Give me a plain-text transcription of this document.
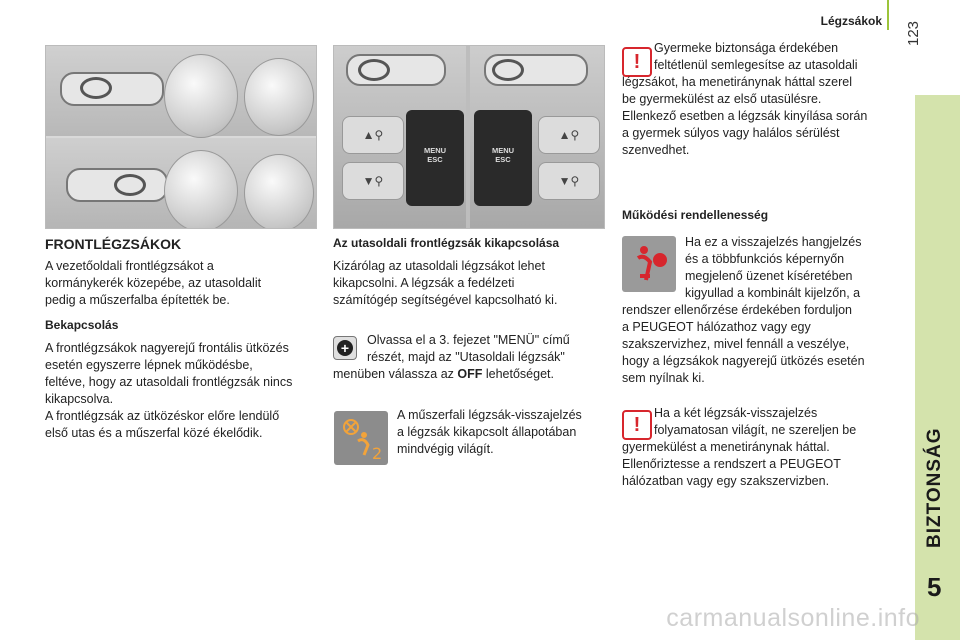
Légzsákok 123
BIZTONSÁG
5
▲⚲
▼⚲
MENU
ESC
MENU
ESC
▲⚲
▼⚲
FRONTLÉGZSÁKOK

A vezetőoldali frontlégzsákot a

kormánykerék közepébe, az utasoldalit

pedig a műszerfalba építették be.

Bekapcsolás

A frontlégzsákok nagyerejű frontális ütközés

esetén egyszerre lépnek működésbe,

feltéve, hogy az utasoldali frontlégzsák nincs

kikapcsolva.

A frontlégzsák az ütközéskor előre lendülő

első utas és a műszerfal közé ékelődik.

Az utasoldali frontlégzsák kikapcsolása

Kizárólag az utasoldali légzsákot lehet

kikapcsolni. A légzsák a fedélzeti

számítógép segítségével kapcsolható ki.

+	Olvassa el a 3. fejezet "MENÜ" című

részét, majd az "Utasoldali légzsák"

menüben válassza az OFF lehetőséget.

2

A műszerfali légzsák-visszajelzés

a légzsák kikapcsolt állapotában

mindvégig világít.

!

Gyermeke biztonsága érdekében

feltétlenül semlegesítse az utasoldali

légzsákot, ha menetiránynak háttal szerel

be gyermekülést az első utasülésre.

Ellenkező esetben a légzsák kinyílása során

a gyermek súlyos vagy halálos sérülést

szenvedhet.

Működési rendellenesség

Ha ez a visszajelzés hangjelzés

és a többfunkciós képernyőn

megjelenő üzenet kíséretében

kigyullad a kombinált kijelzőn, a

rendszer ellenőrzése érdekében forduljon

a PEUGEOT hálózathoz vagy egy

szakszervizhez, mivel fennáll a veszélye,

hogy a légzsákok nagyerejű ütközés esetén

sem nyílnak ki.

!

Ha a két légzsák-visszajelzés

folyamatosan világít, ne szereljen be

gyermekülést a menetiránynak háttal.

Ellenőriztesse a rendszert a PEUGEOT

hálózatban vagy egy szakszervizben.

carmanualsonline.info
